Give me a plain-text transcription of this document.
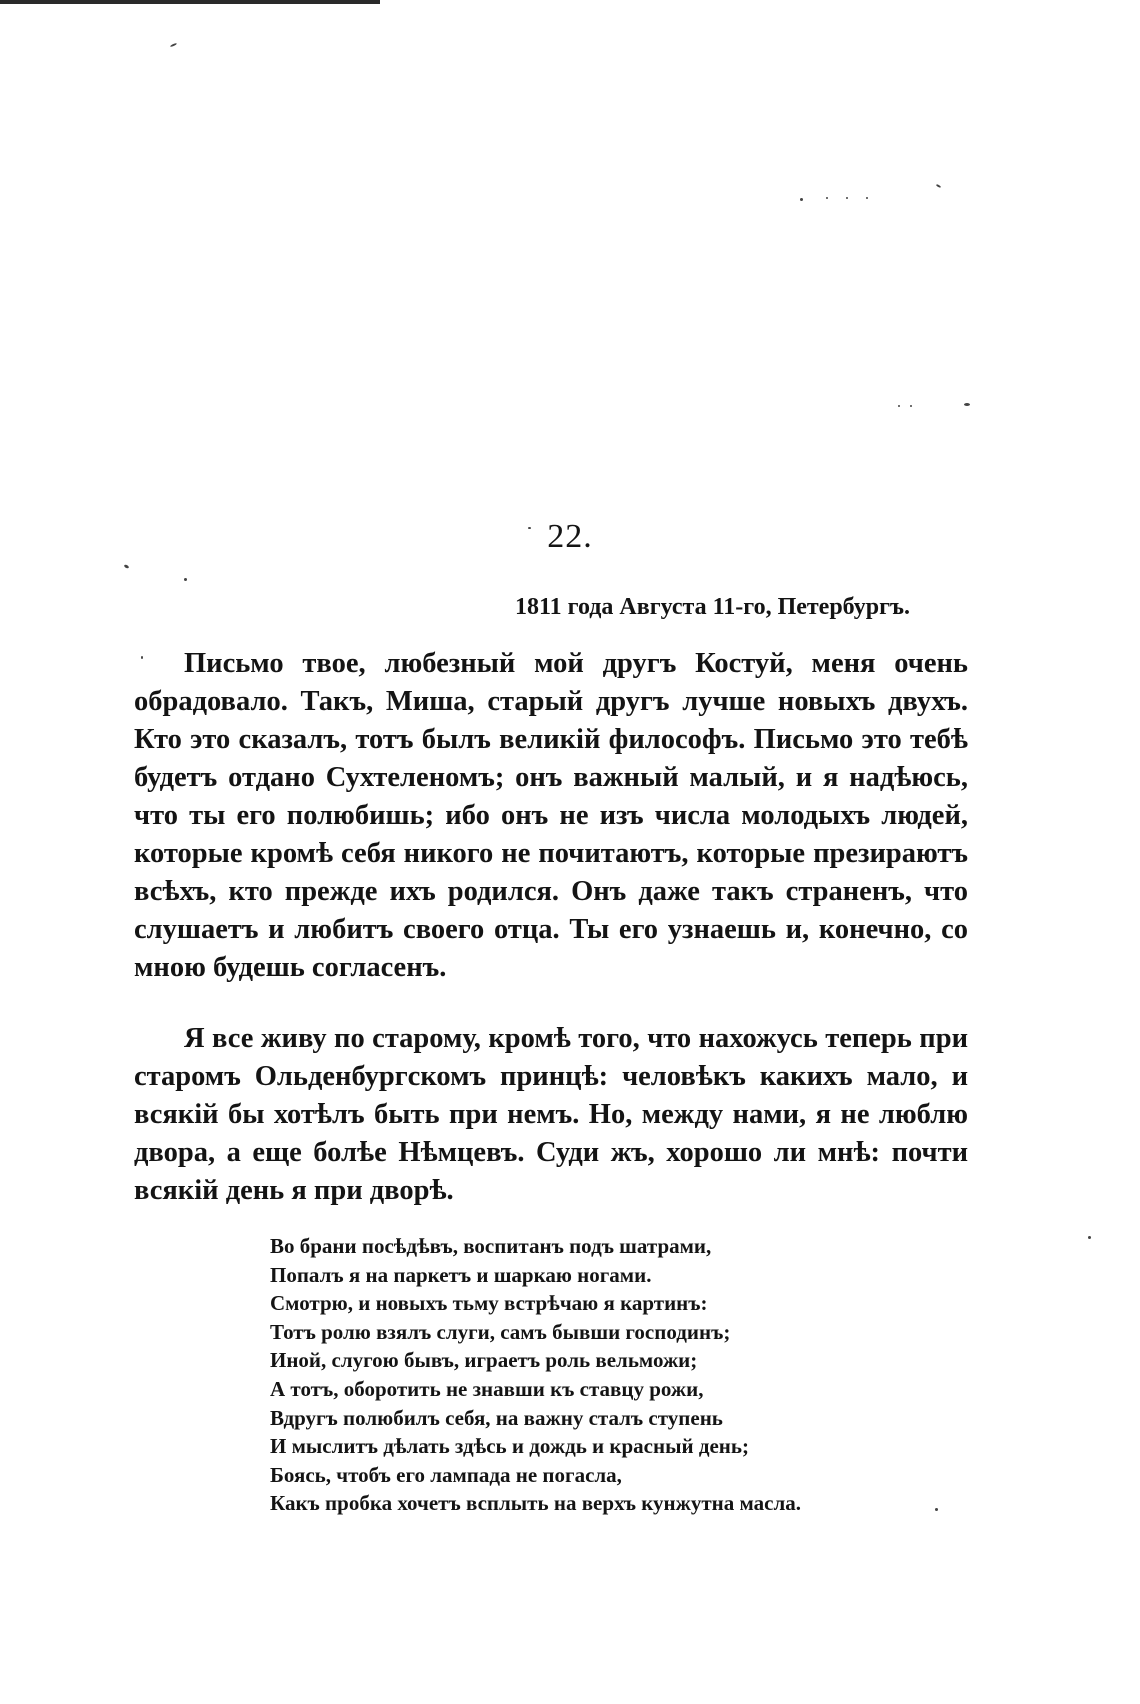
22.
1811 года Августа 11-го, Петербургъ.

Письмо твое, любезный мой другъ Костуй, меня очень обрадовало. Такъ, Миша, старый другъ лучше новыхъ двухъ. Кто это сказалъ, тотъ былъ великій философъ. Письмо это тебѣ будетъ отдано Сухтеленомъ; онъ важный малый, и я надѣюсь, что ты его полюбишь; ибо онъ не изъ числа молодыхъ людей, которые кромѣ себя никого не почитаютъ, которые презираютъ всѣхъ, кто прежде ихъ родился. Онъ даже такъ страненъ, что слушаетъ и любитъ своего отца. Ты его узнаешь и, конечно, со мною будешь согласенъ.

Я все живу по старому, кромѣ того, что нахожусь теперь при старомъ Ольденбургскомъ принцѣ: человѣкъ какихъ мало, и всякій бы хотѣлъ быть при немъ. Но, между нами, я не люблю двора, а еще болѣе Нѣмцевъ. Суди жъ, хорошо ли мнѣ: почти всякій день я при дворѣ.

Во брани посѣдѣвъ, воспитанъ подъ шатрами,
Попалъ я на паркетъ и шаркаю ногами.
Смотрю, и новыхъ тьму встрѣчаю я картинъ:
Тотъ ролю взялъ слуги, самъ бывши господинъ;
Иной, слугою бывъ, играетъ роль вельможи;
А тотъ, оборотить не знавши къ ставцу рожи,
Вдругъ полюбилъ себя, на важну сталъ ступень
И мыслитъ дѣлать здѣсь и дождь и красный день;
Боясь, чтобъ его лампада не погасла,
Какъ пробка хочетъ всплыть на верхъ кунжутна масла.
